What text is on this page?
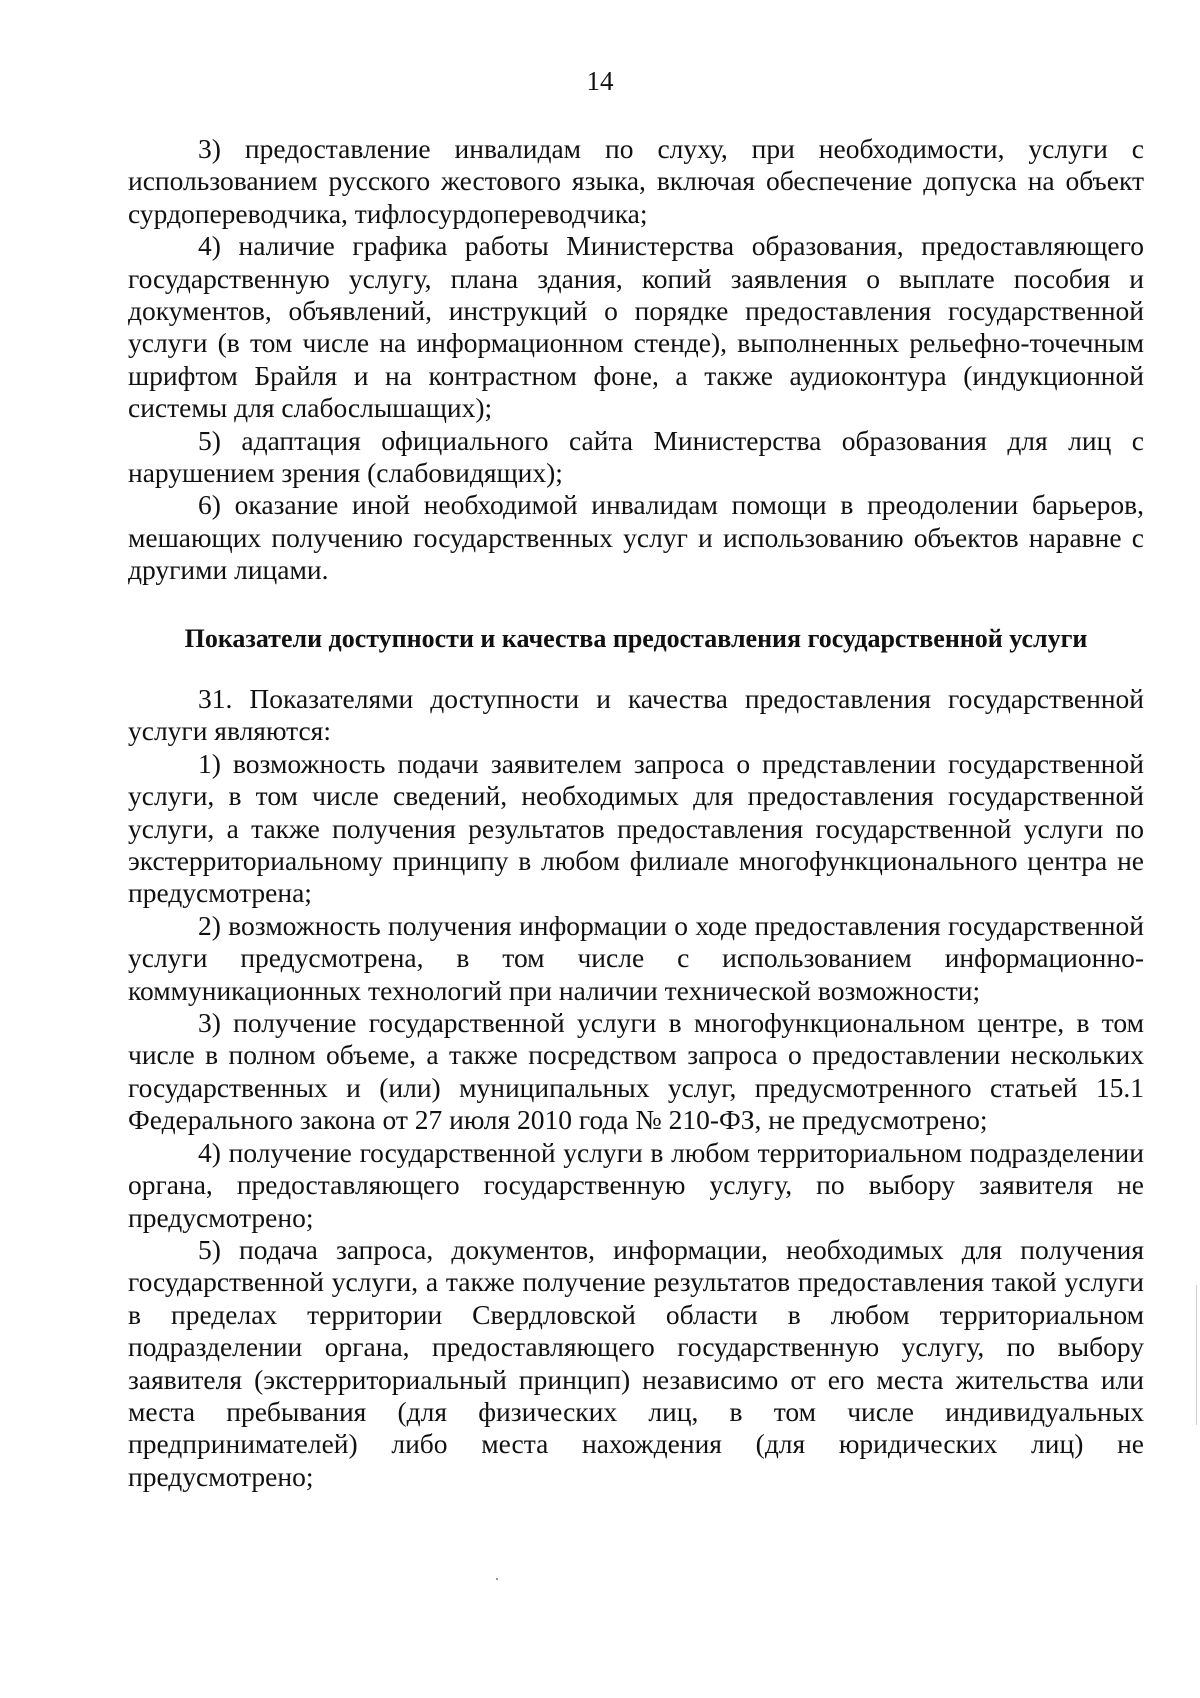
14

3) предоставление инвалидам по слуху, при необходимости, услуги с использованием русского жестового языка, включая обеспечение допуска на объект сурдопереводчика, тифлосурдопереводчика;

4) наличие графика работы Министерства образования, предоставляющего государственную услугу, плана здания, копий заявления о выплате пособия и документов, объявлений, инструкций о порядке предоставления государственной услуги (в том числе на информационном стенде), выполненных рельефно-точечным шрифтом Брайля и на контрастном фоне, а также аудиоконтура (индукционной системы для слабослышащих);

5) адаптация официального сайта Министерства образования для лиц с нарушением зрения (слабовидящих);

6) оказание иной необходимой инвалидам помощи в преодолении барьеров, мешающих получению государственных услуг и использованию объектов наравне с другими лицами.

Показатели доступности и качества предоставления государственной услуги

31. Показателями доступности и качества предоставления государственной услуги являются:

1) возможность подачи заявителем запроса о представлении государственной услуги, в том числе сведений, необходимых для предоставления государственной услуги, а также получения результатов предоставления государственной услуги по экстерриториальному принципу в любом филиале многофункционального центра не предусмотрена;

2) возможность получения информации о ходе предоставления государственной услуги предусмотрена, в том числе с использованием информационно-коммуникационных технологий при наличии технической возможности;

3) получение государственной услуги в многофункциональном центре, в том числе в полном объеме, а также посредством запроса о предоставлении нескольких государственных и (или) муниципальных услуг, предусмотренного статьей 15.1 Федерального закона от 27 июля 2010 года № 210-ФЗ, не предусмотрено;

4) получение государственной услуги в любом территориальном подразделении органа, предоставляющего государственную услугу, по выбору заявителя не предусмотрено;

5) подача запроса, документов, информации, необходимых для получения государственной услуги, а также получение результатов предоставления такой услуги в пределах территории Свердловской области в любом территориальном подразделении органа, предоставляющего государственную услугу, по выбору заявителя (экстерриториальный принцип) независимо от его места жительства или места пребывания (для физических лиц, в том числе индивидуальных предпринимателей) либо места нахождения (для юридических лиц) не предусмотрено;
